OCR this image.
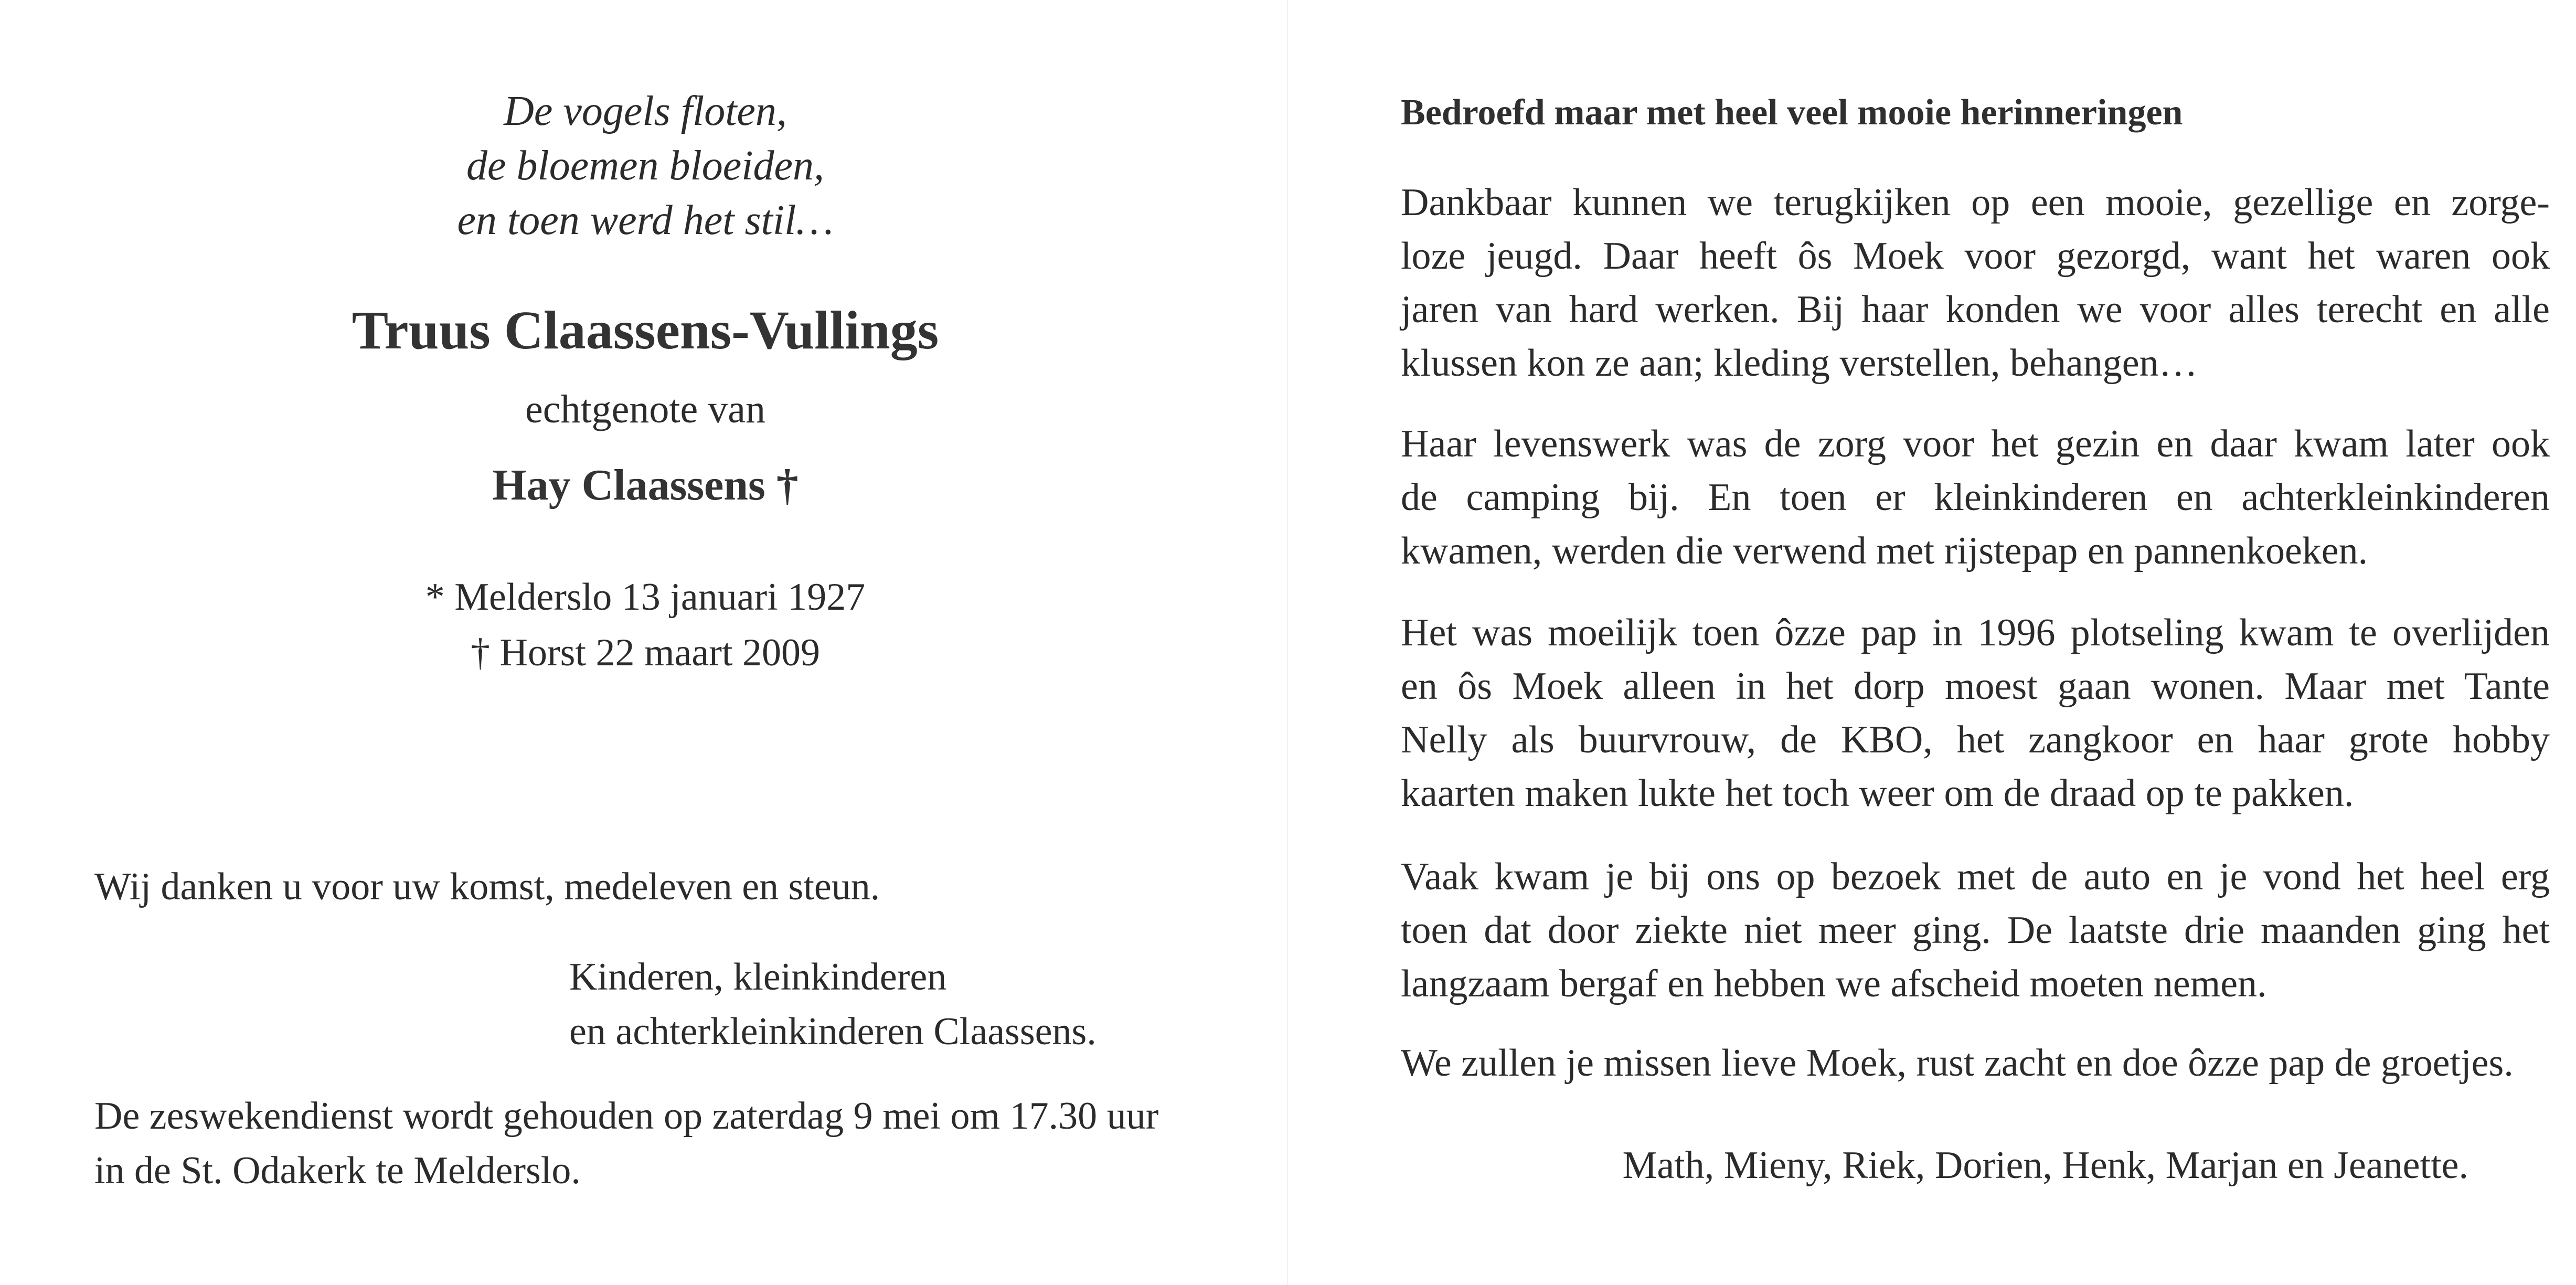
De vogels floten,
de bloemen bloeiden,
en toen werd het stil…
Truus Claassens-Vullings
echtgenote van
Hay Claassens †
* Melderslo 13 januari 1927
† Horst 22 maart 2009
Wij danken u voor uw komst, medeleven en steun.
Kinderen, kleinkinderen
en achterkleinkinderen Claassens.
De zeswekendienst wordt gehouden op zaterdag 9 mei om 17.30 uur
in de St. Odakerk te Melderslo.
Bedroefd maar met heel veel mooie herinneringen
Dankbaar kunnen we terugkijken op een mooie, gezellige en zorge-
loze jeugd. Daar heeft ôs Moek voor gezorgd, want het waren ook
jaren van hard werken. Bij haar konden we voor alles terecht en alle
klussen kon ze aan; kleding verstellen, behangen…
Haar levenswerk was de zorg voor het gezin en daar kwam later ook
de camping bij. En toen er kleinkinderen en achterkleinkinderen
kwamen, werden die verwend met rijstepap en pannenkoeken.
Het was moeilijk toen ôzze pap in 1996 plotseling kwam te overlijden
en ôs Moek alleen in het dorp moest gaan wonen. Maar met Tante
Nelly als buurvrouw, de KBO, het zangkoor en haar grote hobby
kaarten maken lukte het toch weer om de draad op te pakken.
Vaak kwam je bij ons op bezoek met de auto en je vond het heel erg
toen dat door ziekte niet meer ging. De laatste drie maanden ging het
langzaam bergaf en hebben we afscheid moeten nemen.
We zullen je missen lieve Moek, rust zacht en doe ôzze pap de groetjes.
Math, Mieny, Riek, Dorien, Henk, Marjan en Jeanette.
